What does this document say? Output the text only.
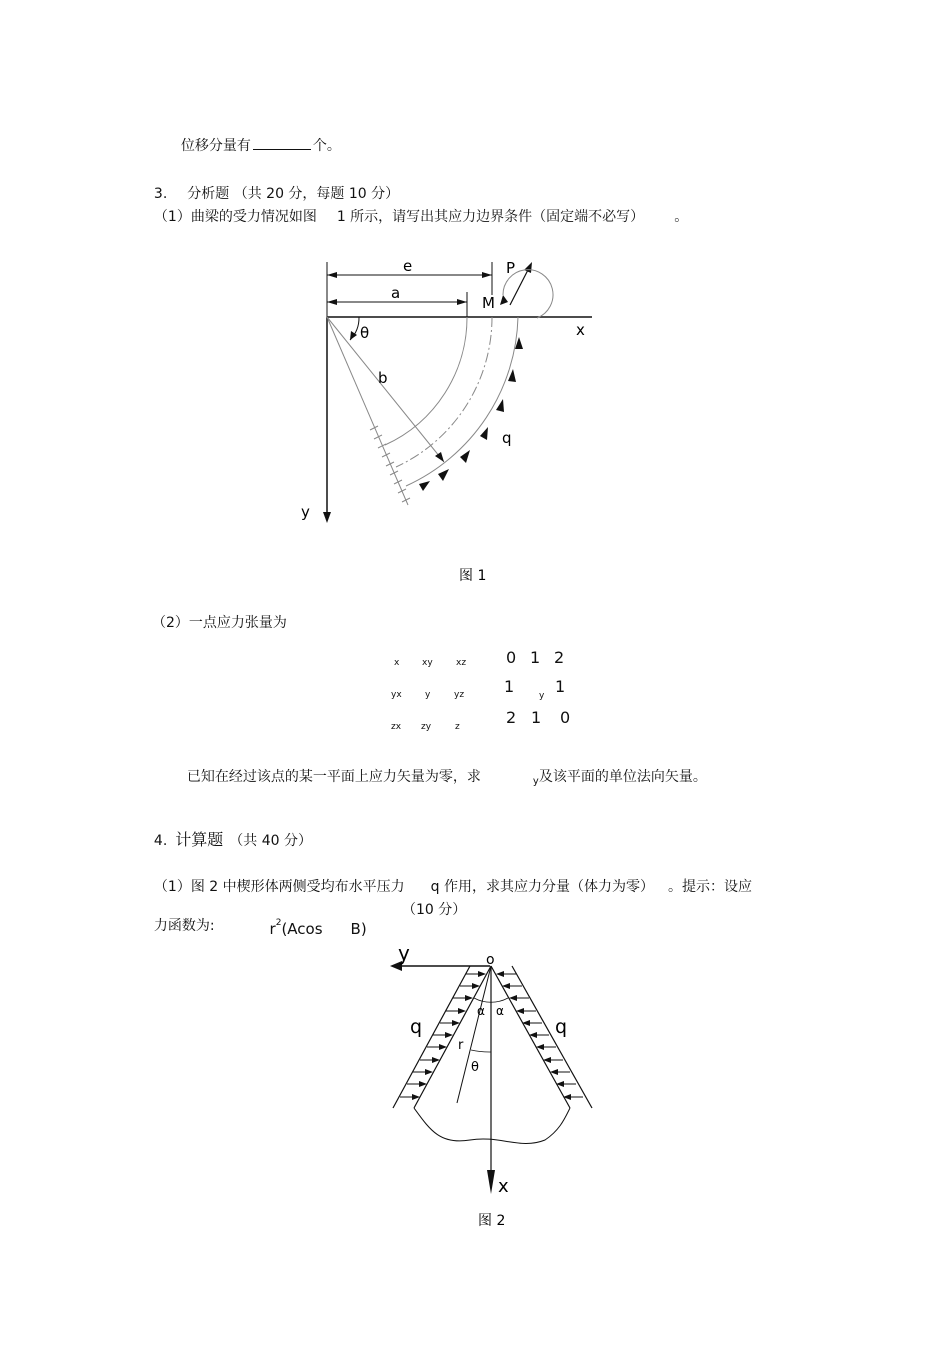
位移分量有	个。

3. 分析题 （共 20 分，每题 10 分）

（1）曲梁的受力情况如图 1 所示，请写出其应力边界条件（固定端不必写） 。

e
a
P
M
x
θ
b
q
y
图 1
y	o
q	q
α α
r
θ
x
图 2
（2）一点应力张量为
x	xy	xz
yx	y	yz
zx zy	z
0 1 2
1	y 1
2 1 0

已知在经过该点的某一平面上应力矢量为零，求	$_y$及该平面的单位法向矢量。

4. 计算题 （共 40 分）

（1）图 2 中楔形体两侧受均布水平压力 q 作用，求其应力分量（体力为零） 。提示：设应

力函数为:	$r^2(Acos$ B)

（10 分）
